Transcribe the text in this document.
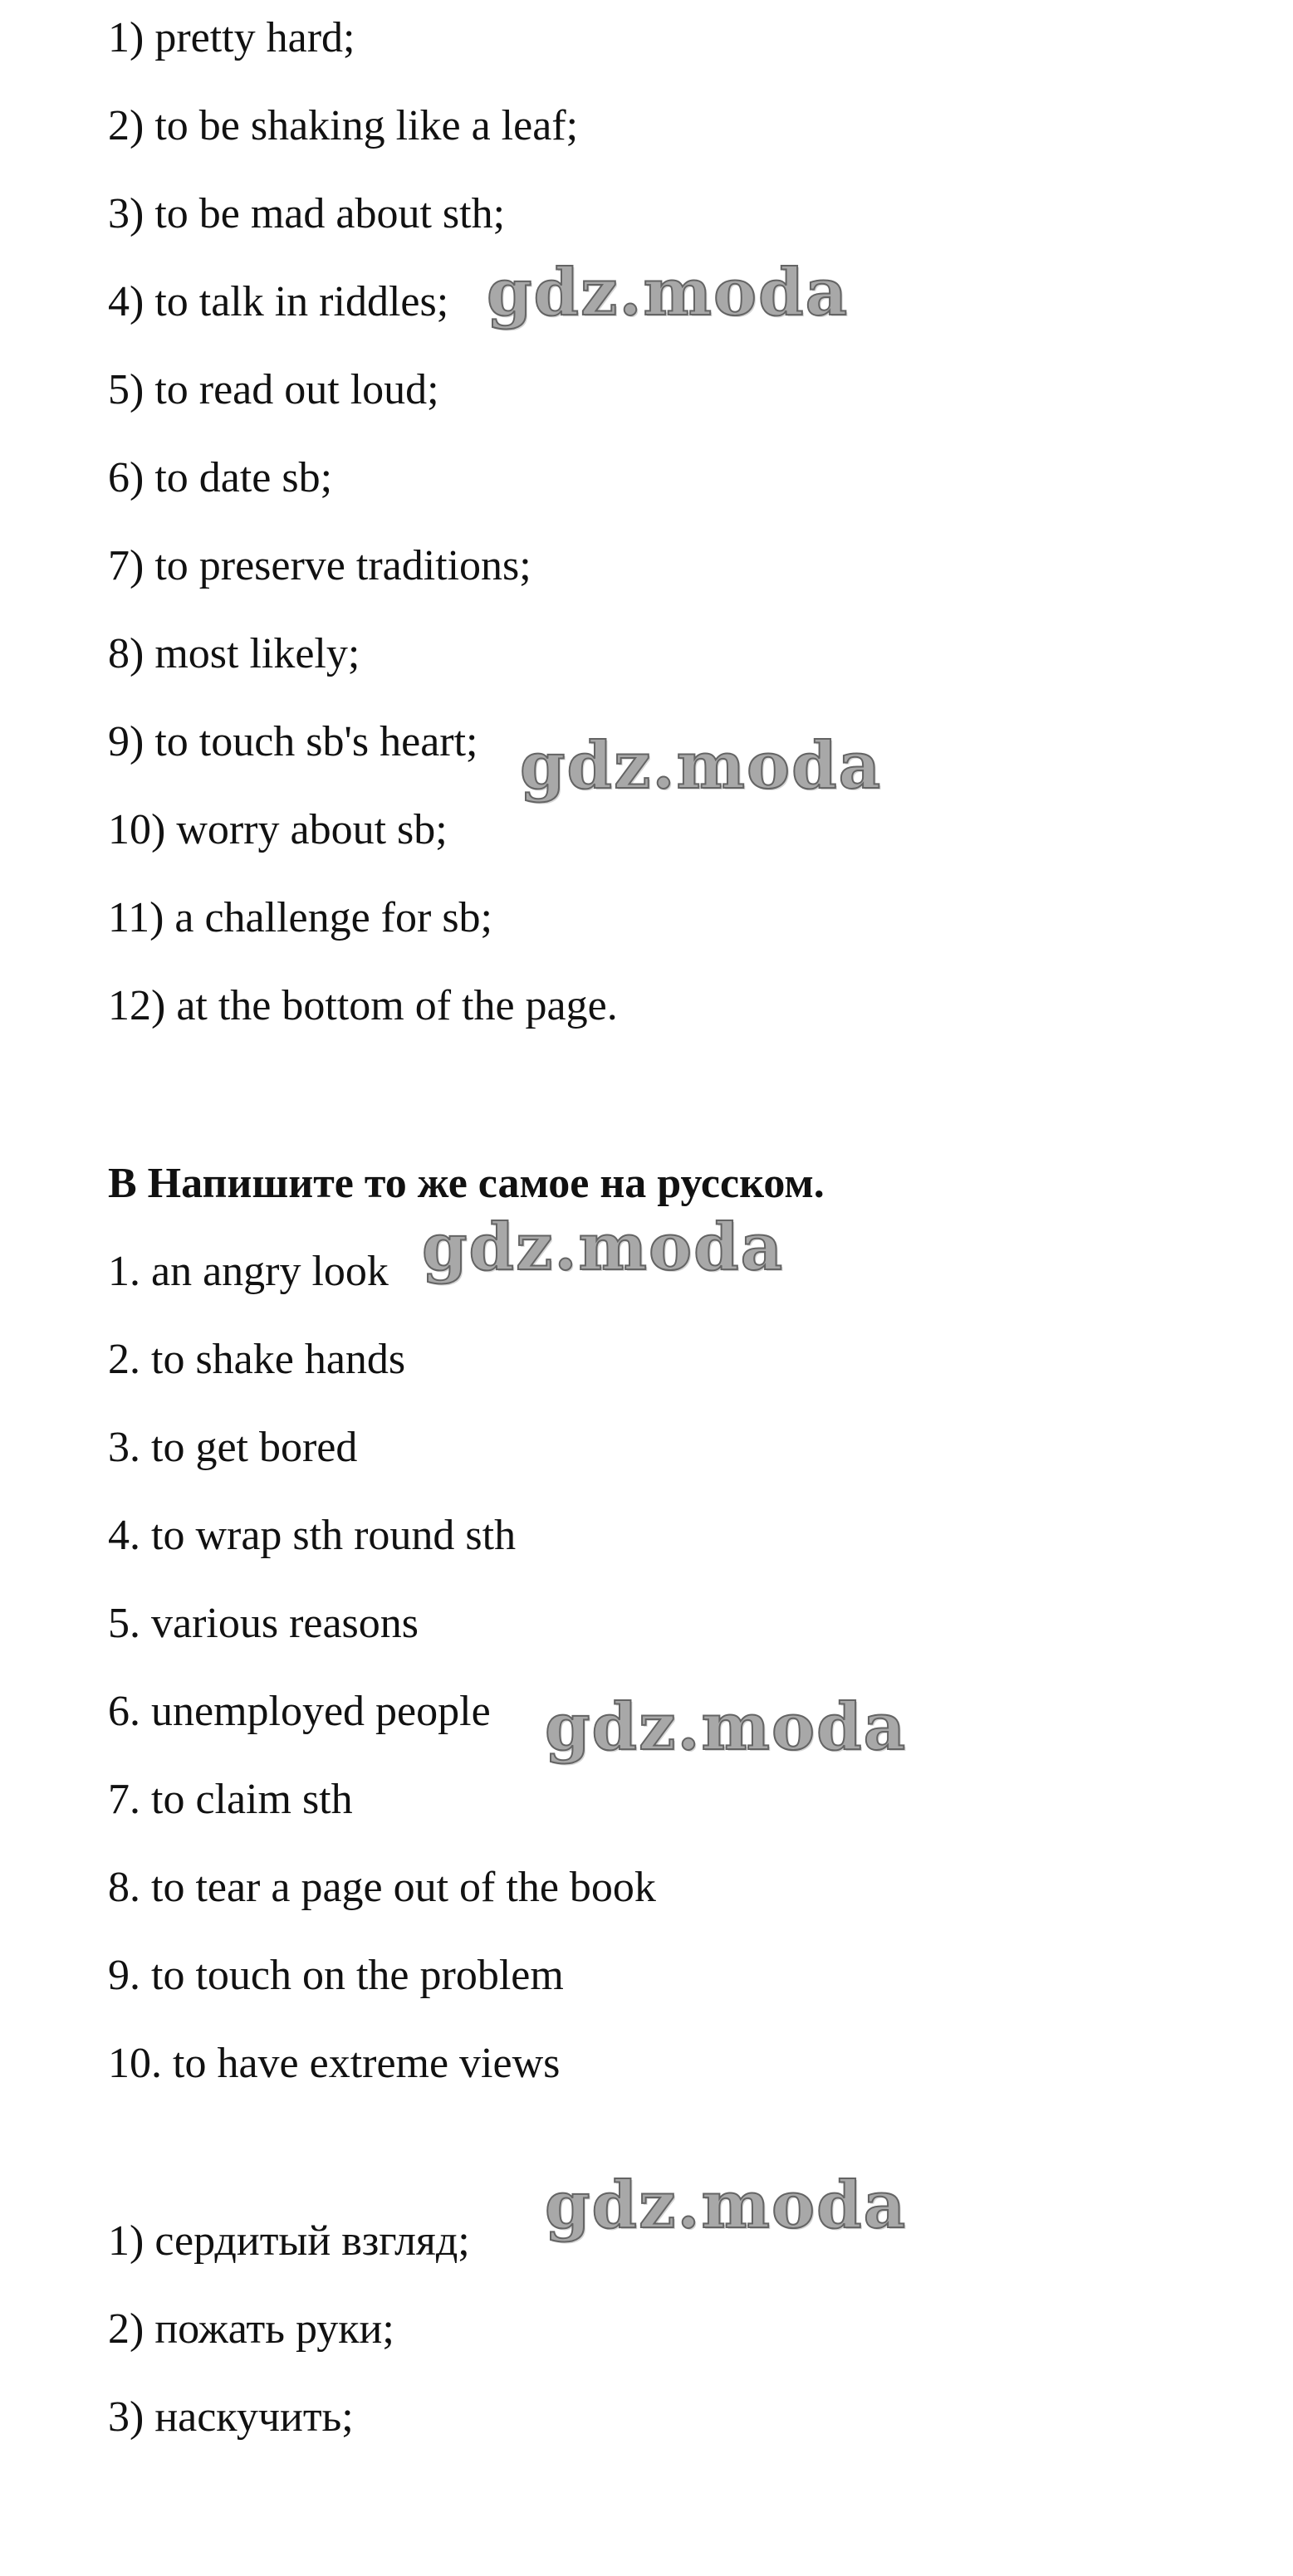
1) pretty hard;

2) to be shaking like a leaf;

3) to be mad about sth;

4) to talk in riddles;

5) to read out loud;

6) to date sb;

7) to preserve traditions;

8) most likely;

9) to touch sb's heart;

10) worry about sb;

11) a challenge for sb;

12) at the bottom of the page.

B Напишите то же самое на русском.

1. an angry look

2. to shake hands

3. to get bored

4. to wrap sth round sth

5. various reasons

6. unemployed people

7. to claim sth

8. to tear a page out of the book

9. to touch on the problem

10. to have extreme views

1) сердитый взгляд;

2) пожать руки;

3) наскучить;

gdz.moda
gdz.moda
gdz.moda
gdz.moda
gdz.moda
